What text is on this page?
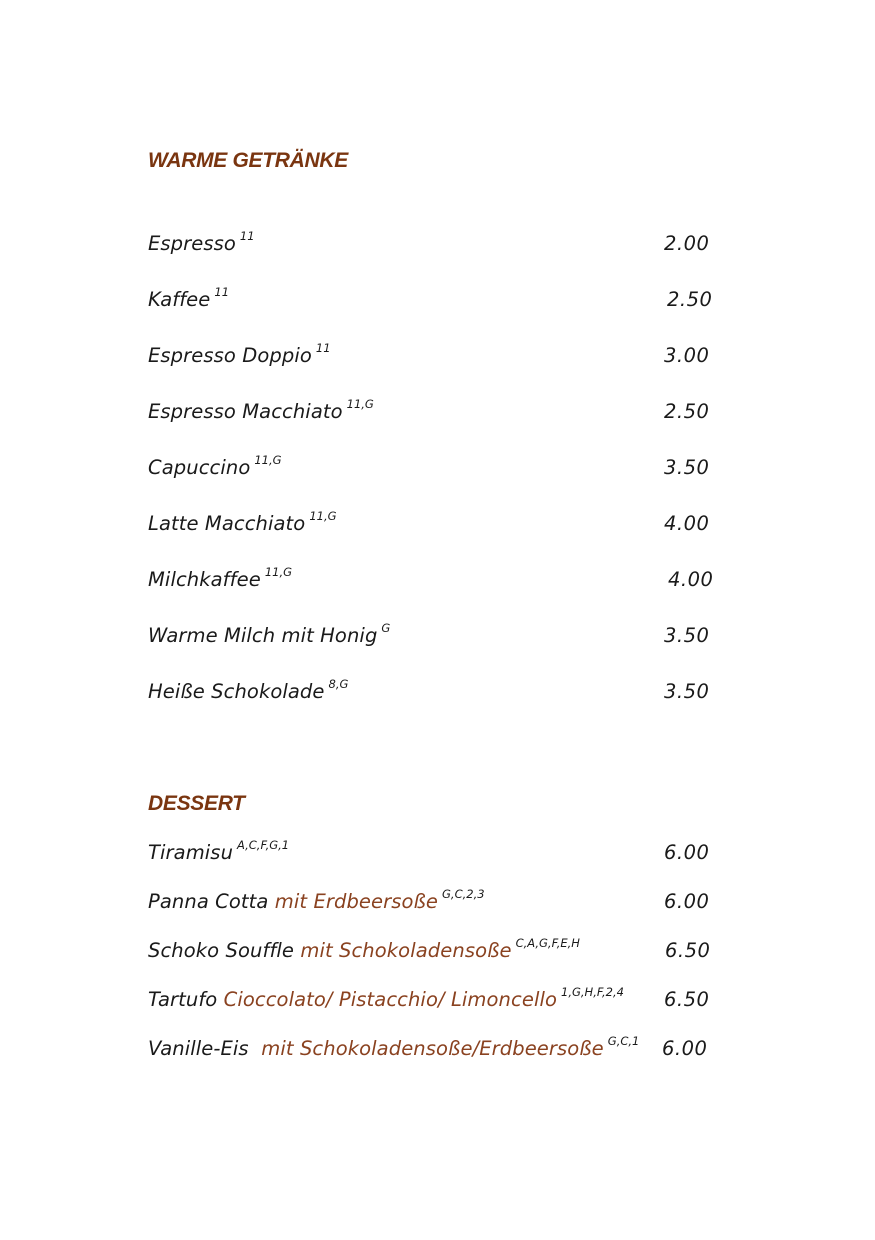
WARME GETRÄNKE
Espresso $^{11}$	2.00
Kaffee $^{11}$	2.50
Espresso Doppio $^{11}$	3.00
Espresso Macchiato $^{11,G}$	2.50
Capuccino $^{11,G}$	3.50
Latte Macchiato $^{11,G}$	4.00
Milchkaffee $^{11,G}$	4.00
Warme Milch mit Honig $^G$	3.50
Heiße Schokolade $^{8,G}$	3.50
DESSERT
Tiramisu $^{A,C,F,G,1}$	6.00
Panna Cotta mit Erdbeersoße $^{G,C,2,3}$	6.00
Schoko Souffle mit Schokoladensoße $^{C,A,G,F,E,H}$	6.50
Tartufo Cioccolato/ Pistacchio/ Limoncello $^{1,G,H,F,2,4}$ 6.50
Vanille-Eis mit Schokoladensoße/Erdbeersoße $^{G,C,1}$ 6.00
